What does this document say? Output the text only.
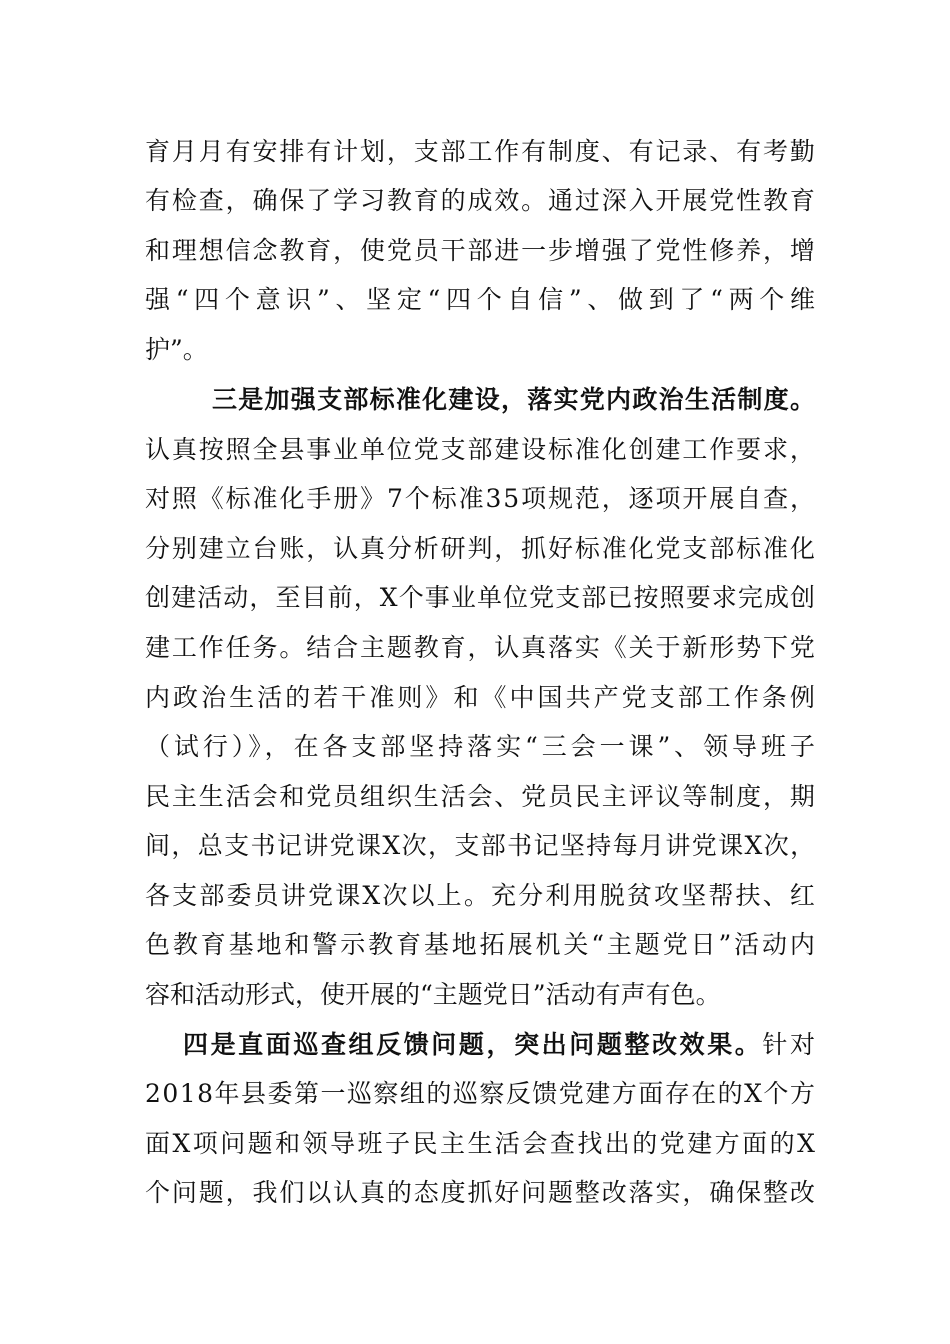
育月月有安排有计划，支部工作有制度、有记录、有考勤
有检查，确保了学习教育的成效。通过深入开展党性教育
和理想信念教育，使党员干部进一步增强了党性修养，增
强“四个意识”、坚定“四个自信”、做到了“两个维
护”。
三是加强支部标准化建设，落实党内政治生活制度。
认真按照全县事业单位党支部建设标准化创建工作要求，
对照《标准化手册》7个标准35项规范，逐项开展自查，
分别建立台账，认真分析研判，抓好标准化党支部标准化
创建活动，至目前，X个事业单位党支部已按照要求完成创
建工作任务。结合主题教育，认真落实《关于新形势下党
内政治生活的若干准则》和《中国共产党支部工作条例
（试行）》，在各支部坚持落实“三会一课”、领导班子
民主生活会和党员组织生活会、党员民主评议等制度，期
间，总支书记讲党课X次，支部书记坚持每月讲党课X次，
各支部委员讲党课X次以上。充分利用脱贫攻坚帮扶、红
色教育基地和警示教育基地拓展机关“主题党日”活动内
容和活动形式，使开展的“主题党日”活动有声有色。
四是直面巡查组反馈问题，突出问题整改效果。针对
2018年县委第一巡察组的巡察反馈党建方面存在的X个方
面X项问题和领导班子民主生活会查找出的党建方面的X
个问题，我们以认真的态度抓好问题整改落实，确保整改
